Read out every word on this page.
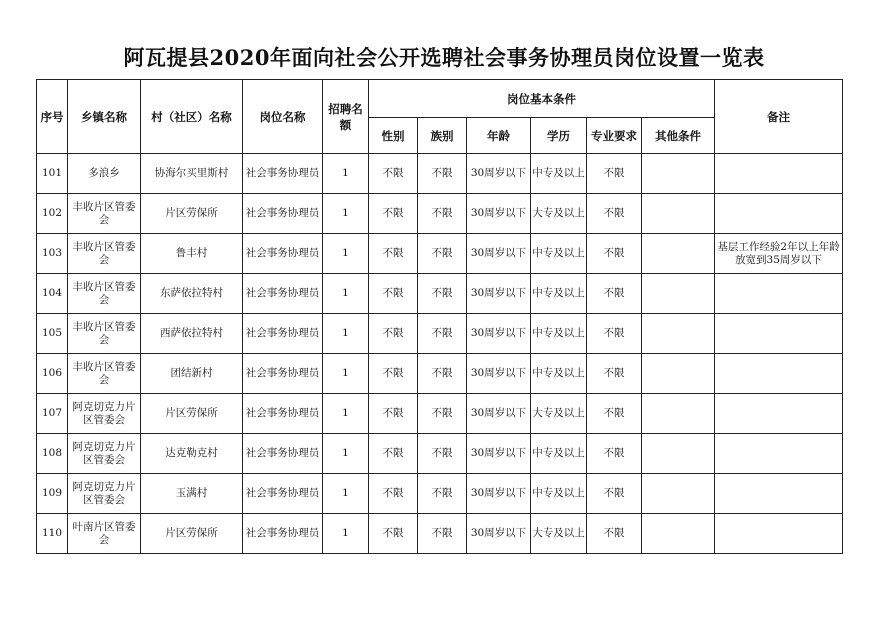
阿瓦提县2020年面向社会公开选聘社会事务协理员岗位设置一览表
序号	乡镇名称	村（社区）名称	岗位名称	招聘名额	岗位基本条件						备注
					性别	族别	年龄	学历	专业要求	其他条件	
101	多浪乡	协海尔买里斯村	社会事务协理员	1	不限	不限	30周岁以下	中专及以上	不限		
102	丰收片区管委会	片区劳保所	社会事务协理员	1	不限	不限	30周岁以下	大专及以上	不限		
103	丰收片区管委会	鲁丰村	社会事务协理员	1	不限	不限	30周岁以下	中专及以上	不限		基层工作经验2年以上年龄放宽到35周岁以下
104	丰收片区管委会	东萨依拉特村	社会事务协理员	1	不限	不限	30周岁以下	中专及以上	不限		
105	丰收片区管委会	西萨依拉特村	社会事务协理员	1	不限	不限	30周岁以下	中专及以上	不限		
106	丰收片区管委会	团结新村	社会事务协理员	1	不限	不限	30周岁以下	中专及以上	不限		
107	阿克切克力片区管委会	片区劳保所	社会事务协理员	1	不限	不限	30周岁以下	大专及以上	不限		
108	阿克切克力片区管委会	达克勒克村	社会事务协理员	1	不限	不限	30周岁以下	中专及以上	不限		
109	阿克切克力片区管委会	玉满村	社会事务协理员	1	不限	不限	30周岁以下	中专及以上	不限		
110	叶南片区管委会	片区劳保所	社会事务协理员	1	不限	不限	30周岁以下	大专及以上	不限		
